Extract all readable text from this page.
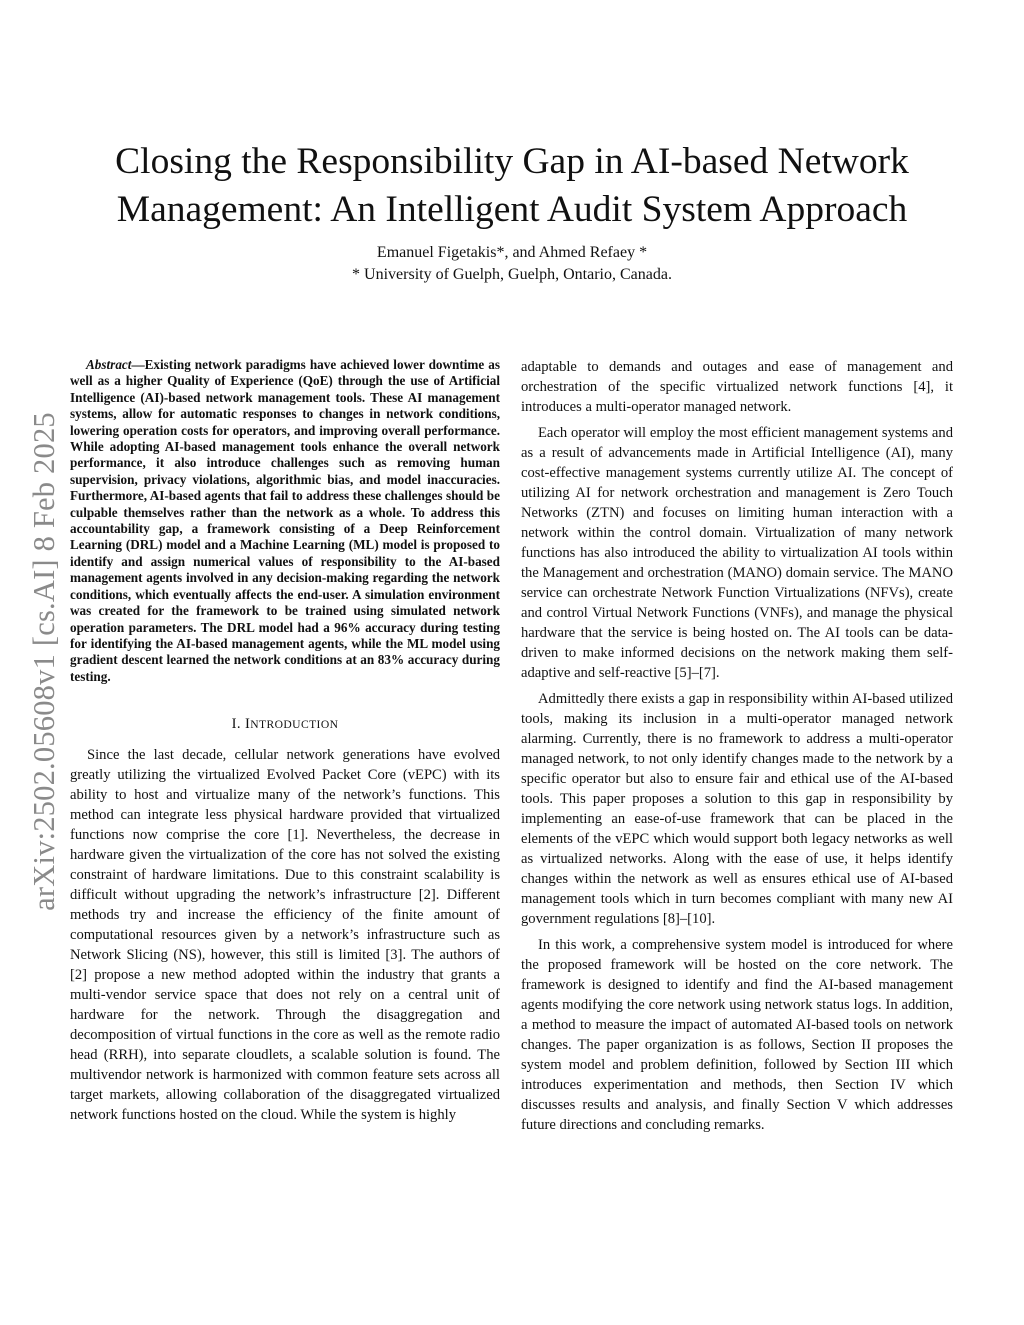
arXiv:2502.05608v1 [cs.AI] 8 Feb 2025
Closing the Responsibility Gap in AI-based Network
Management: An Intelligent Audit System Approach
Emanuel Figetakis*, and Ahmed Refaey *
* University of Guelph, Guelph, Ontario, Canada.

Abstract—Existing network paradigms have achieved lower downtime as well as a higher Quality of Experience (QoE) through the use of Artificial Intelligence (AI)-based network management tools. These AI management systems, allow for automatic responses to changes in network conditions, lowering operation costs for operators, and improving overall performance. While adopting AI-based management tools enhance the overall network performance, it also introduce challenges such as removing human supervision, privacy violations, algorithmic bias, and model inaccuracies. Furthermore, AI-based agents that fail to address these challenges should be culpable themselves rather than the network as a whole. To address this accountability gap, a framework consisting of a Deep Reinforcement Learning (DRL) model and a Machine Learning (ML) model is proposed to identify and assign numerical values of responsibility to the AI-based management agents involved in any decision-making regarding the network conditions, which eventually affects the end-user. A simulation environment was created for the framework to be trained using simulated network operation parameters. The DRL model had a 96% accuracy during testing for identifying the AI-based management agents, while the ML model using gradient descent learned the network conditions at an 83% accuracy during testing.

I. INTRODUCTION

Since the last decade, cellular network generations have evolved greatly utilizing the virtualized Evolved Packet Core (vEPC) with its ability to host and virtualize many of the network’s functions. This method can integrate less physical hardware provided that virtualized functions now comprise the core [1]. Nevertheless, the decrease in hardware given the virtualization of the core has not solved the existing constraint of hardware limitations. Due to this constraint scalability is difficult without upgrading the network’s infrastructure [2]. Different methods try and increase the efficiency of the finite amount of computational resources given by a network’s infrastructure such as Network Slicing (NS), however, this still is limited [3]. The authors of [2] propose a new method adopted within the industry that grants a multi-vendor service space that does not rely on a central unit of hardware for the network. Through the disaggregation and decomposition of virtual functions in the core as well as the remote radio head (RRH), into separate cloudlets, a scalable solution is found. The multivendor network is harmonized with common feature sets across all target markets, allowing collaboration of the disaggregated virtualized network functions hosted on the cloud. While the system is highly

adaptable to demands and outages and ease of management and orchestration of the specific virtualized network functions [4], it introduces a multi-operator managed network.

Each operator will employ the most efficient management systems and as a result of advancements made in Artificial Intelligence (AI), many cost-effective management systems currently utilize AI. The concept of utilizing AI for network orchestration and management is Zero Touch Networks (ZTN) and focuses on limiting human interaction with a network within the control domain. Virtualization of many network functions has also introduced the ability to virtualization AI tools within the Management and orchestration (MANO) domain service. The MANO service can orchestrate Network Function Virtualizations (NFVs), create and control Virtual Network Functions (VNFs), and manage the physical hardware that the service is being hosted on. The AI tools can be data-driven to make informed decisions on the network making them self-adaptive and self-reactive [5]–[7].

Admittedly there exists a gap in responsibility within AI-based utilized tools, making its inclusion in a multi-operator managed network alarming. Currently, there is no framework to address a multi-operator managed network, to not only identify changes made to the network by a specific operator but also to ensure fair and ethical use of the AI-based tools. This paper proposes a solution to this gap in responsibility by implementing an ease-of-use framework that can be placed in the elements of the vEPC which would support both legacy networks as well as virtualized networks. Along with the ease of use, it helps identify changes within the network as well as ensures ethical use of AI-based management tools which in turn becomes compliant with many new AI government regulations [8]–[10].

In this work, a comprehensive system model is introduced for where the proposed framework will be hosted on the core network. The framework is designed to identify and find the AI-based management agents modifying the core network using network status logs. In addition, a method to measure the impact of automated AI-based tools on network changes. The paper organization is as follows, Section II proposes the system model and problem definition, followed by Section III which introduces experimentation and methods, then Section IV which discusses results and analysis, and finally Section V which addresses future directions and concluding remarks.
